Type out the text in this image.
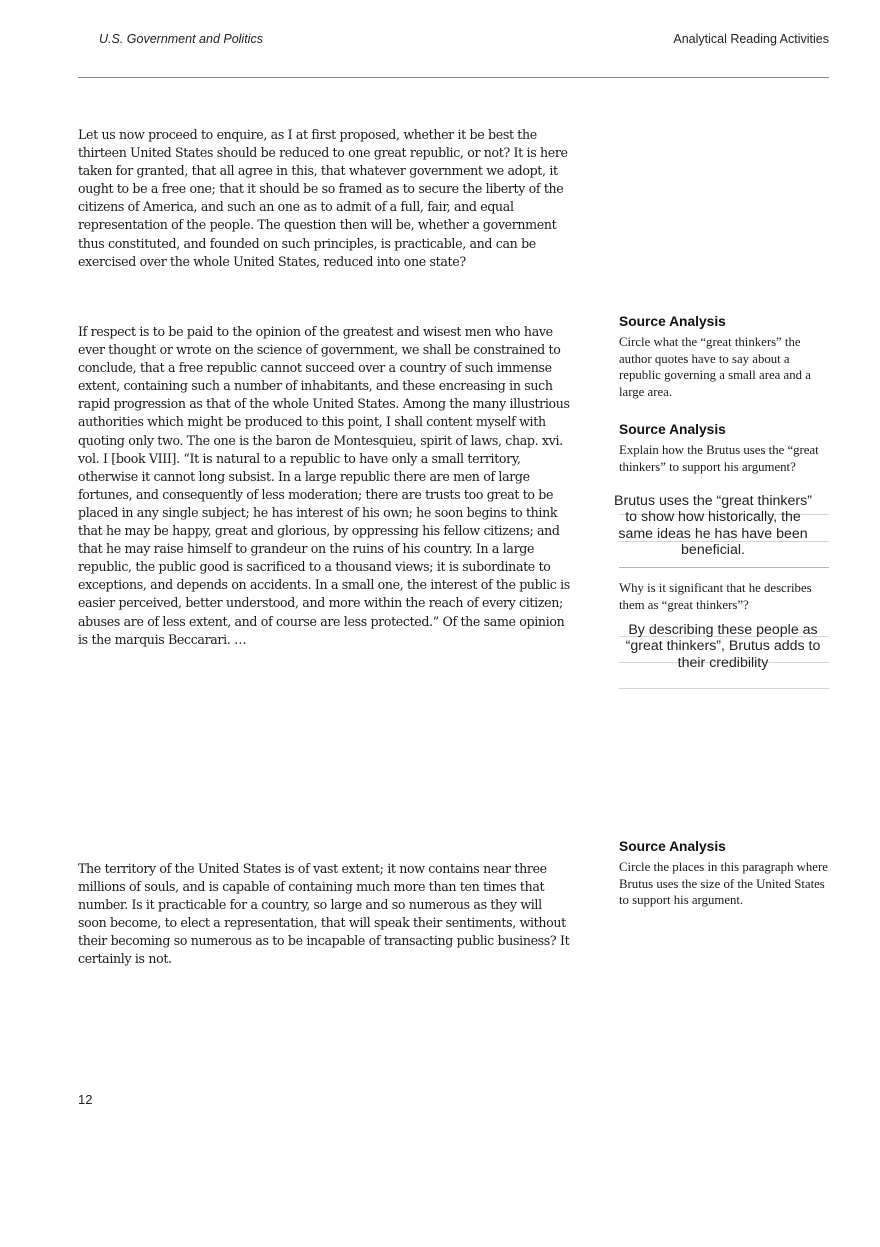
U.S. Government and Politics	Analytical Reading Activities

Let us now proceed to enquire, as I at first proposed, whether it be best the thirteen United States should be reduced to one great republic, or not? It is here taken for granted, that all agree in this, that whatever government we adopt, it ought to be a free one; that it should be so framed as to secure the liberty of the citizens of America, and such an one as to admit of a full, fair, and equal representation of the people. The question then will be, whether a government thus constituted, and founded on such principles, is practicable, and can be exercised over the whole United States, reduced into one state?

If respect is to be paid to the opinion of the greatest and wisest men who have ever thought or wrote on the science of government, we shall be constrained to conclude, that a free republic cannot succeed over a country of such immense extent, containing such a number of inhabitants, and these encreasing in such rapid progression as that of the whole United States. Among the many illustrious authorities which might be produced to this point, I shall content myself with quoting only two. The one is the baron de Montesquieu, spirit of laws, chap. xvi. vol. I [book VIII]. “It is natural to a republic to have only a small territory, otherwise it cannot long subsist. In a large republic there are men of large fortunes, and consequently of less moderation; there are trusts too great to be placed in any single subject; he has interest of his own; he soon begins to think that he may be happy, great and glorious, by oppressing his fellow citizens; and that he may raise himself to grandeur on the ruins of his country. In a large republic, the public good is sacrificed to a thousand views; it is subordinate to exceptions, and depends on accidents. In a small one, the interest of the public is easier perceived, better understood, and more within the reach of every citizen; abuses are of less extent, and of course are less protected.” Of the same opinion is the marquis Beccarari. …

The territory of the United States is of vast extent; it now contains near three millions of souls, and is capable of containing much more than ten times that number. Is it practicable for a country, so large and so numerous as they will soon become, to elect a representation, that will speak their sentiments, without their becoming so numerous as to be incapable of transacting public business? It certainly is not.

Source Analysis

Circle what the “great thinkers” the author quotes have to say about a republic governing a small area and a large area.

Source Analysis

Explain how the Brutus uses the “great thinkers” to support his argument?

Brutus uses the “great thinkers” to show how historically, the same ideas he has have been beneficial.

Why is it significant that he describes them as “great thinkers”?

By describing these people as “great thinkers”, Brutus adds to their credibility
Source Analysis

Circle the places in this paragraph where Brutus uses the size of the United States to support his argument.

12
